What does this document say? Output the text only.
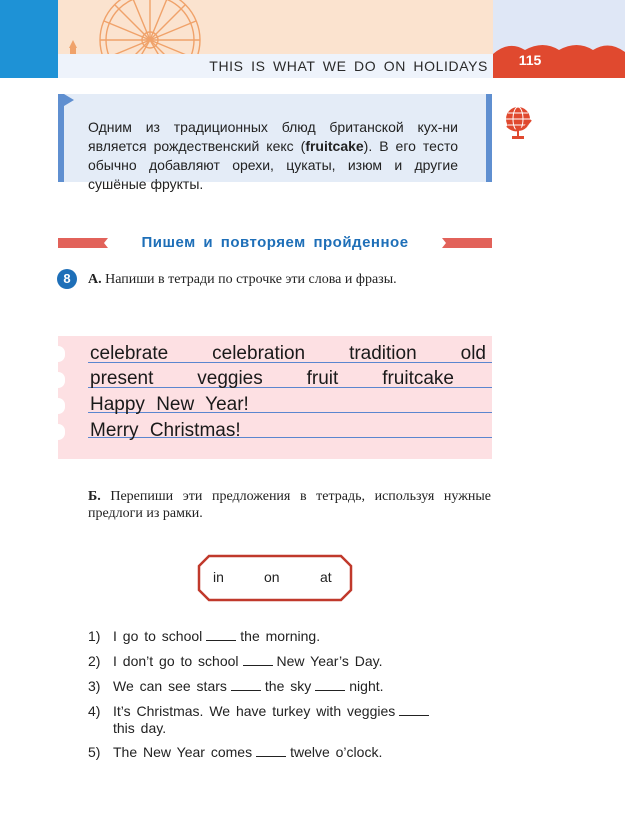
THIS IS WHAT WE DO ON HOLIDAYS	115
Одним из традиционных блюд британской кух-ни является рождественский кекс (fruitcake). В его тесто обычно добавляют орехи, цукаты, изюм и другие сушёные фрукты.
Пишем и повторяем пройденное
8	А. Напиши в тетради по строчке эти слова и фразы.
celebrate celebration tradition old
present veggies fruit fruitcake
Happy New Year!
Merry Christmas!
Б. Перепиши эти предложения в тетрадь, используя нужные предлоги из рамки.
in	on	at
1) I go to school	the morning.
2) I don’t go to school	New Year’s Day.
3) We can see stars	the sky	night.
4) It’s Christmas. We have turkey with veggies
this day.
5) The New Year comes	twelve o’clock.
